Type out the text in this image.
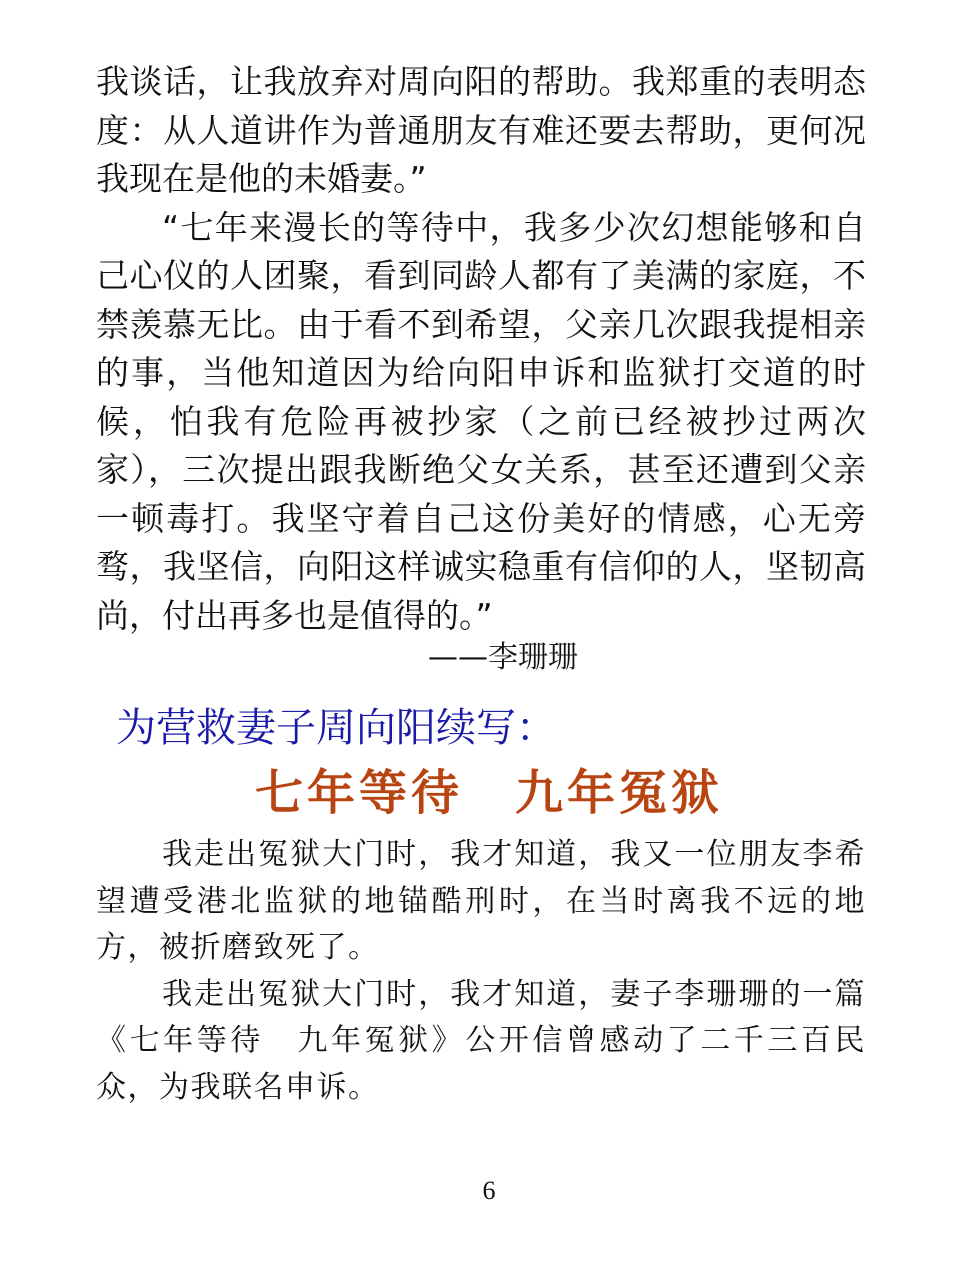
我谈话，让我放弃对周向阳的帮助。我郑重的表明态度：从人道讲作为普通朋友有难还要去帮助，更何况我现在是他的未婚妻。”

“七年来漫长的等待中，我多少次幻想能够和自己心仪的人团聚，看到同龄人都有了美满的家庭，不禁羡慕无比。由于看不到希望，父亲几次跟我提相亲的事，当他知道因为给向阳申诉和监狱打交道的时候，怕我有危险再被抄家（之前已经被抄过两次家），三次提出跟我断绝父女关系，甚至还遭到父亲一顿毒打。我坚守着自己这份美好的情感，心无旁骛，我坚信，向阳这样诚实稳重有信仰的人，坚韧高尚，付出再多也是值得的。”

——李珊珊

为营救妻子周向阳续写：
七年等待　九年冤狱

我走出冤狱大门时，我才知道，我又一位朋友李希望遭受港北监狱的地锚酷刑时，在当时离我不远的地方，被折磨致死了。

我走出冤狱大门时，我才知道，妻子李珊珊的一篇《七年等待　九年冤狱》公开信曾感动了二千三百民众，为我联名申诉。

6
